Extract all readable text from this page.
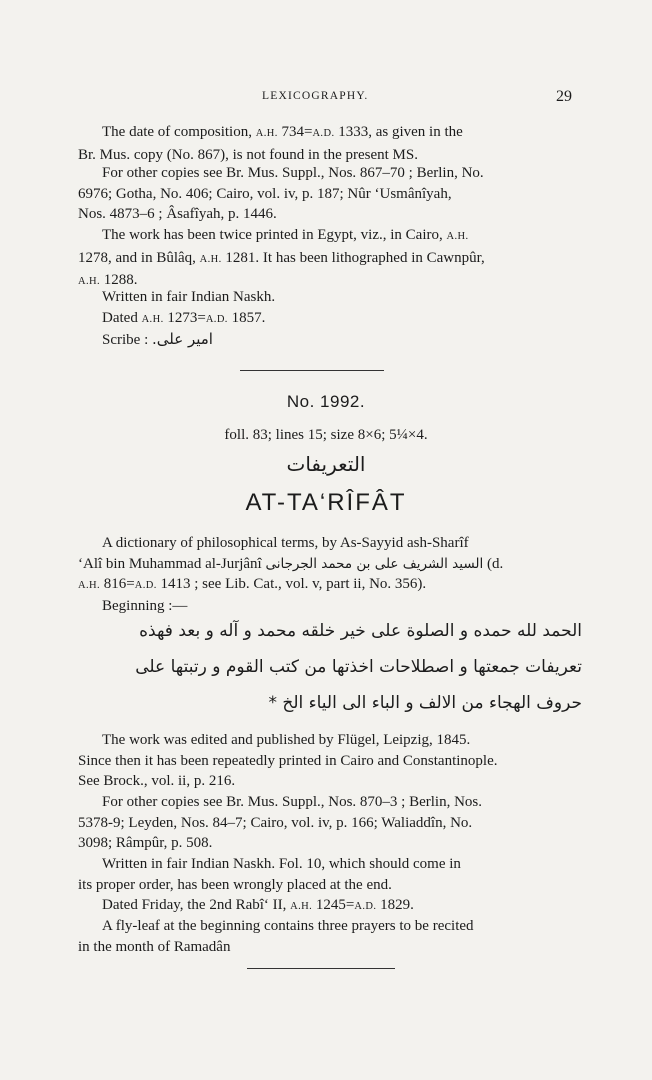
LEXICOGRAPHY.	29
The date of composition, A.H. 734=A.D. 1333, as given in the
Br. Mus. copy (No. 867), is not found in the present MS.
For other copies see Br. Mus. Suppl., Nos. 867–70 ; Berlin, No.
6976; Gotha, No. 406; Cairo, vol. iv, p. 187; Nûr ‘Usmânîyah,
Nos. 4873–6 ; Âsafîyah, p. 1446.
The work has been twice printed in Egypt, viz., in Cairo, A.H.
1278, and in Bûlâq, A.H. 1281. It has been lithographed in Cawnpûr,
A.H. 1288.
Written in fair Indian Naskh.
Dated A.H. 1273=A.D. 1857.
Scribe : امیر علی.
No. 1992.
foll. 83; lines 15; size 8×6; 5¼×4.
التعریفات
AT-TA‘RÎFÂT
A dictionary of philosophical terms, by As-Sayyid ash-Sharîf
‘Alî bin Muhammad al-Jurjânî السید الشریف علی بن محمد الجرجانی (d.
A.H. 816=A.D. 1413 ; see Lib. Cat., vol. v, part ii, No. 356).
Beginning :—
الحمد لله حمده و الصلوة علی خیر خلقه محمد و آله و بعد فهذه
تعریفات جمعتها و اصطلاحات اخذتها من کتب القوم و رتبتها علی
حروف الهجاء من الالف و الباء الی الیاء الخ *
The work was edited and published by Flügel, Leipzig, 1845.
Since then it has been repeatedly printed in Cairo and Constantinople.
See Brock., vol. ii, p. 216.
For other copies see Br. Mus. Suppl., Nos. 870–3 ; Berlin, Nos.
5378-9; Leyden, Nos. 84–7; Cairo, vol. iv, p. 166; Waliaddîn, No.
3098; Râmpûr, p. 508.
Written in fair Indian Naskh. Fol. 10, which should come in
its proper order, has been wrongly placed at the end.
Dated Friday, the 2nd Rabî‘ II, A.H. 1245=A.D. 1829.
A fly-leaf at the beginning contains three prayers to be recited
in the month of Ramadân
